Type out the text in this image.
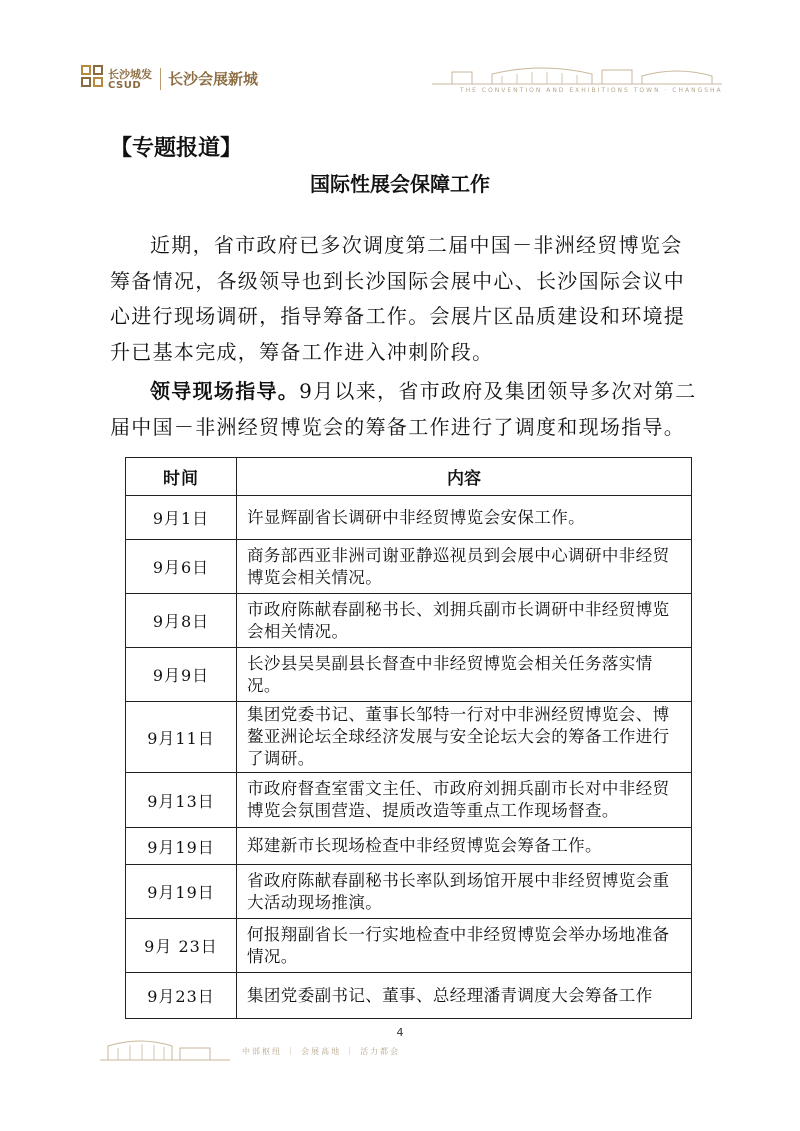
长沙城发
CSUD 长沙会展新城
THE CONVENTION AND EXHIBITIONS TOWN · CHANGSHA
【专题报道】
国际性展会保障工作

近期，省市政府已多次调度第二届中国－非洲经贸博览会筹备情况，各级领导也到长沙国际会展中心、长沙国际会议中心进行现场调研，指导筹备工作。会展片区品质建设和环境提升已基本完成，筹备工作进入冲刺阶段。

领导现场指导。9月以来，省市政府及集团领导多次对第二届中国－非洲经贸博览会的筹备工作进行了调度和现场指导。

时间	内容
9月1日	许显辉副省长调研中非经贸博览会安保工作。
9月6日	商务部西亚非洲司谢亚静巡视员到会展中心调研中非经贸博览会相关情况。
9月8日	市政府陈献春副秘书长、刘拥兵副市长调研中非经贸博览会相关情况。
9月9日	长沙县吴昊副县长督查中非经贸博览会相关任务落实情况。
9月11日	集团党委书记、董事长邹特一行对中非洲经贸博览会、博鳌亚洲论坛全球经济发展与安全论坛大会的筹备工作进行了调研。
9月13日	市政府督查室雷文主任、市政府刘拥兵副市长对中非经贸博览会氛围营造、提质改造等重点工作现场督查。
9月19日	郑建新市长现场检查中非经贸博览会筹备工作。
9月19日	省政府陈献春副秘书长率队到场馆开展中非经贸博览会重大活动现场推演。
9月 23日	何报翔副省长一行实地检查中非经贸博览会举办场地准备情况。
9月23日	集团党委副书记、董事、总经理潘青调度大会筹备工作
4
中部枢纽 ｜ 会展高地 ｜ 活力都会
